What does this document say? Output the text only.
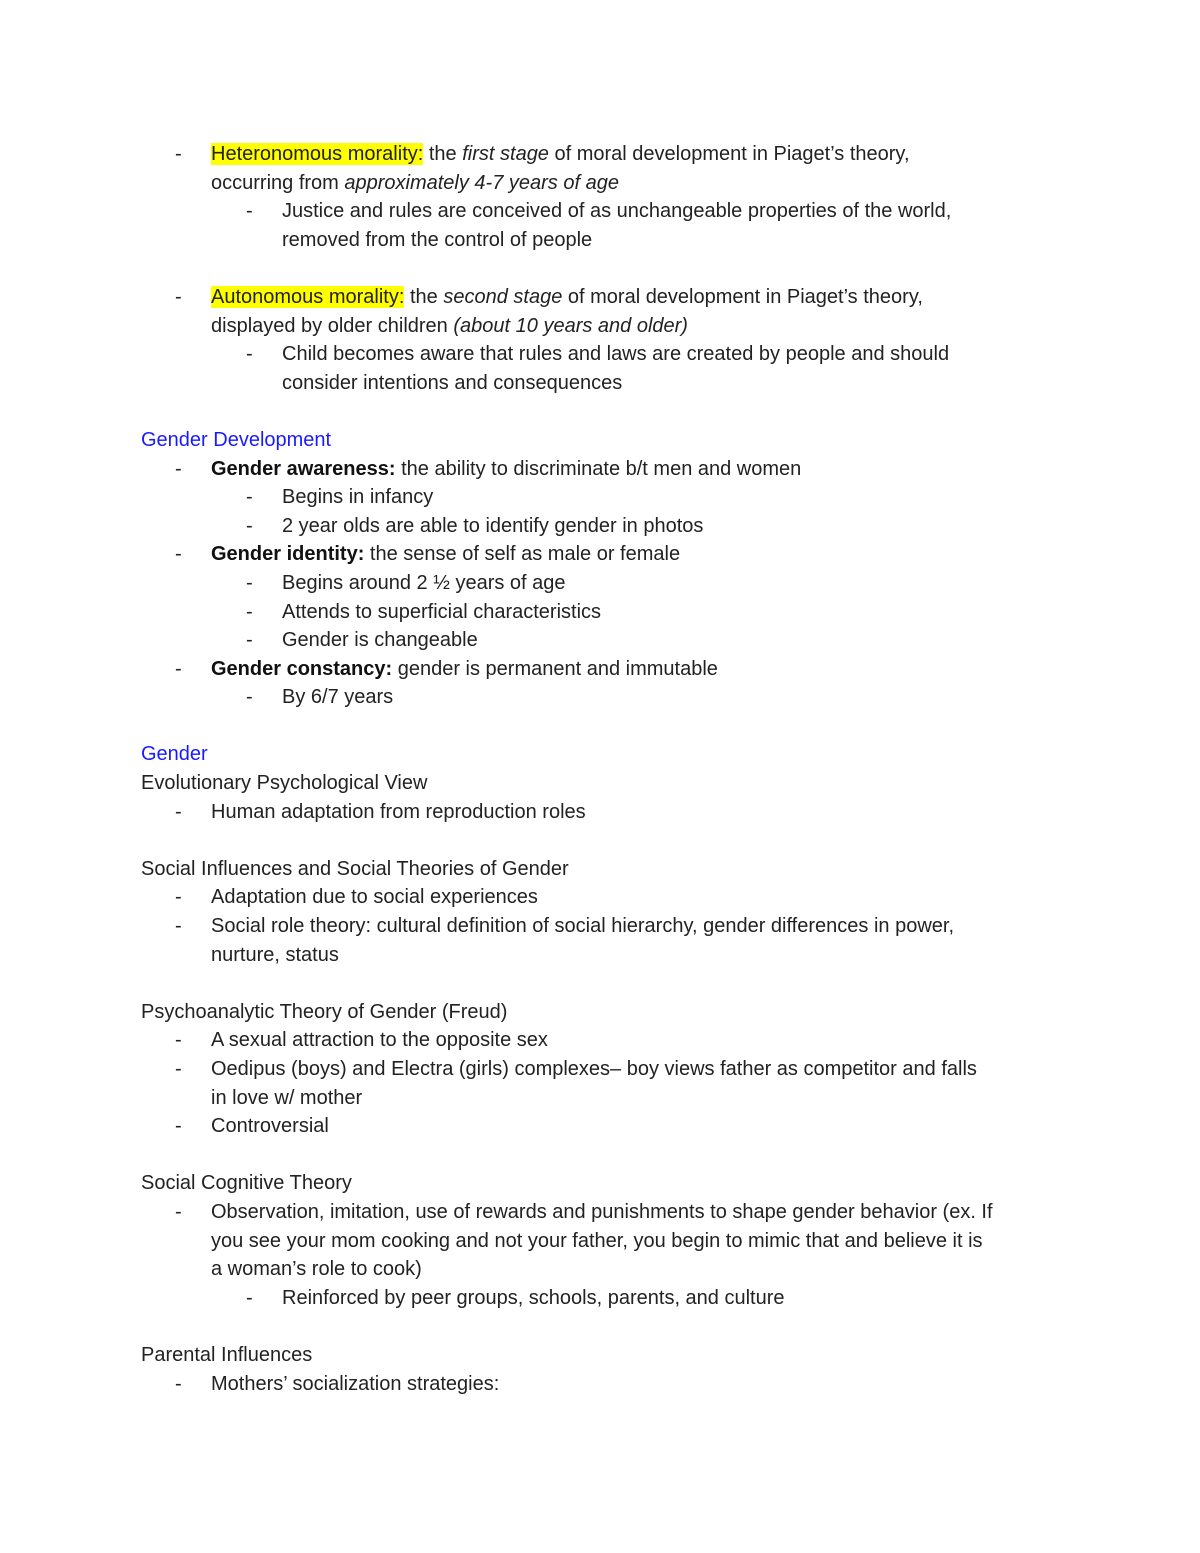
- Heteronomous morality: the first stage of moral development in Piaget’s theory,
occurring from approximately 4-7 years of age
- Justice and rules are conceived of as unchangeable properties of the world,
removed from the control of people
- Autonomous morality: the second stage of moral development in Piaget’s theory,
displayed by older children (about 10 years and older)
- Child becomes aware that rules and laws are created by people and should
consider intentions and consequences
Gender Development
- Gender awareness: the ability to discriminate b/t men and women
- Begins in infancy
- 2 year olds are able to identify gender in photos
- Gender identity: the sense of self as male or female
- Begins around 2 ½ years of age
- Attends to superficial characteristics
- Gender is changeable
- Gender constancy: gender is permanent and immutable
- By 6/7 years
Gender
Evolutionary Psychological View
- Human adaptation from reproduction roles
Social Influences and Social Theories of Gender
- Adaptation due to social experiences
- Social role theory: cultural definition of social hierarchy, gender differences in power,
nurture, status
Psychoanalytic Theory of Gender (Freud)
- A sexual attraction to the opposite sex
- Oedipus (boys) and Electra (girls) complexes– boy views father as competitor and falls
in love w/ mother
- Controversial
Social Cognitive Theory
- Observation, imitation, use of rewards and punishments to shape gender behavior (ex. If
you see your mom cooking and not your father, you begin to mimic that and believe it is
a woman’s role to cook)
- Reinforced by peer groups, schools, parents, and culture
Parental Influences
- Mothers’ socialization strategies:
